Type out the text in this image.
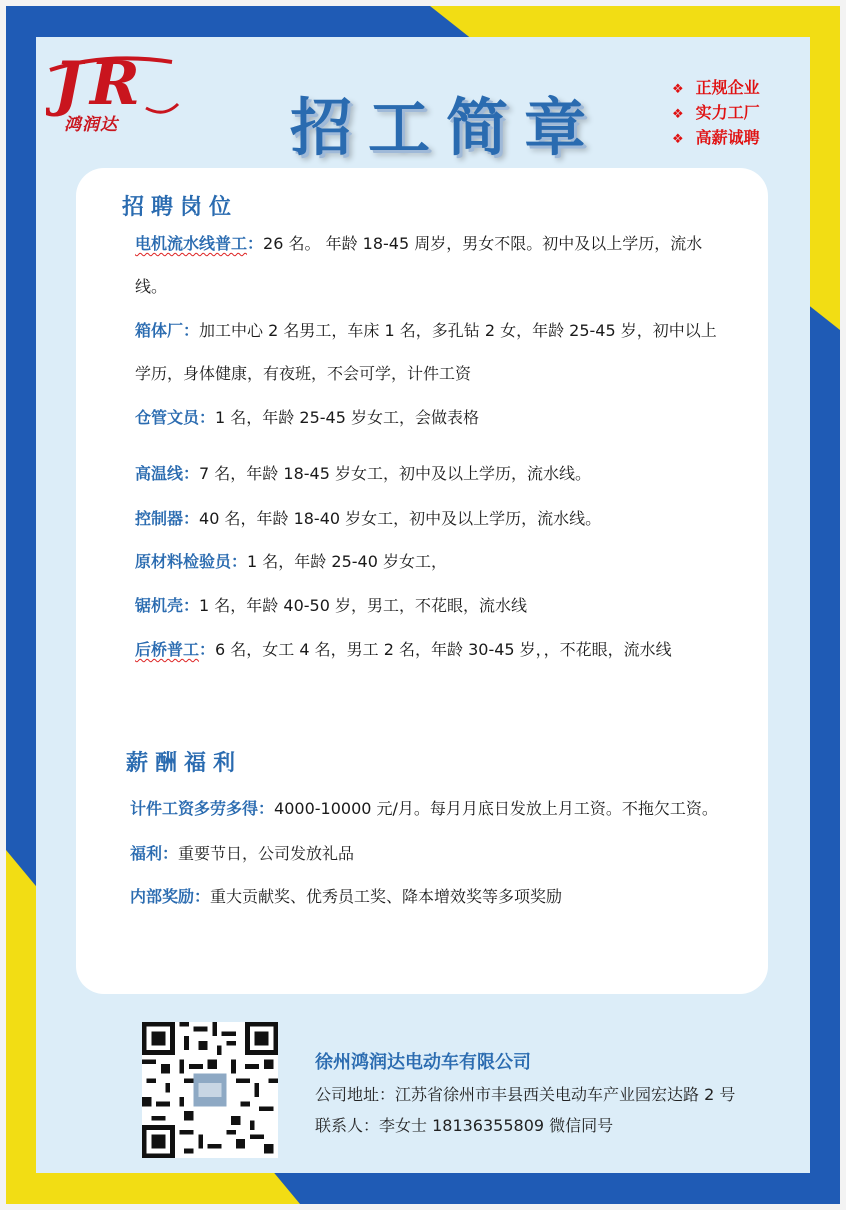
J R
鸿润达	招工简章
❖ 正规企业
❖ 实力工厂
❖ 高薪诚聘
招聘岗位
电机流水线普工：26 名。 年龄 18-45 周岁，男女不限。初中及以上学历，流水
线。
箱体厂：加工中心 2 名男工，车床 1 名，多孔钻 2 女，年龄 25-45 岁，初中以上
学历，身体健康，有夜班，不会可学，计件工资
仓管文员：1 名，年龄 25-45 岁女工，会做表格
高温线：7 名，年龄 18-45 岁女工，初中及以上学历，流水线。
控制器：40 名，年龄 18-40 岁女工，初中及以上学历，流水线。
原材料检验员：1 名，年龄 25-40 岁女工，
锯机壳：1 名，年龄 40-50 岁，男工，不花眼，流水线
后桥普工：6 名，女工 4 名，男工 2 名，年龄 30-45 岁，，不花眼，流水线
薪酬福利
计件工资多劳多得：4000-10000 元/月。每月月底日发放上月工资。不拖欠工资。
福利：重要节日，公司发放礼品
内部奖励：重大贡献奖、优秀员工奖、降本增效奖等多项奖励
徐州鸿润达电动车有限公司
公司地址：江苏省徐州市丰县西关电动车产业园宏达路 2 号
联系人：李女士 18136355809 微信同号
